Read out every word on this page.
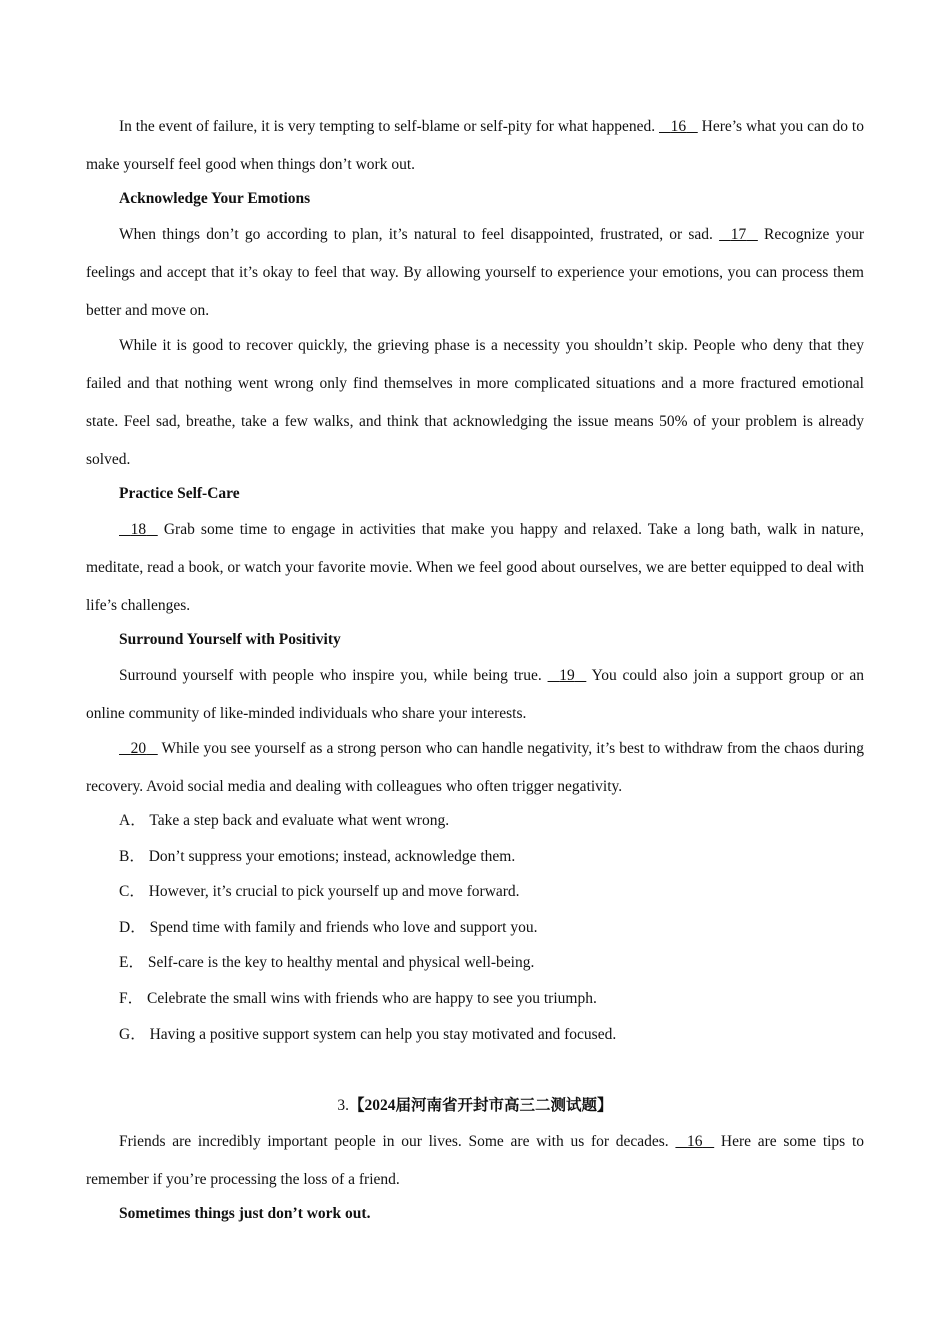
In the event of failure, it is very tempting to self-blame or self-pity for what happened.    16    Here’s what you can do to make yourself feel good when things don’t work out.

Acknowledge Your Emotions

When things don’t go according to plan, it’s natural to feel disappointed, frustrated, or sad.    17    Recognize your feelings and accept that it’s okay to feel that way. By allowing yourself to experience your emotions, you can process them better and move on.

While it is good to recover quickly, the grieving phase is a necessity you shouldn’t skip. People who deny that they failed and that nothing went wrong only find themselves in more complicated situations and a more fractured emotional state. Feel sad, breathe, take a few walks, and think that acknowledging the issue means 50% of your problem is already solved.

Practice Self-Care

18    Grab some time to engage in activities that make you happy and relaxed. Take a long bath, walk in nature, meditate, read a book, or watch your favorite movie. When we feel good about ourselves, we are better equipped to deal with life’s challenges.

Surround Yourself with Positivity

Surround yourself with people who inspire you, while being true.    19    You could also join a support group or an online community of like-minded individuals who share your interests.

20    While you see yourself as a strong person who can handle negativity, it’s best to withdraw from the chaos during recovery. Avoid social media and dealing with colleagues who often trigger negativity.

A． Take a step back and evaluate what went wrong.

B． Don’t suppress your emotions; instead, acknowledge them.

C． However, it’s crucial to pick yourself up and move forward.

D． Spend time with family and friends who love and support you.

E． Self-care is the key to healthy mental and physical well-being.

F． Celebrate the small wins with friends who are happy to see you triumph.

G． Having a positive support system can help you stay motivated and focused.

3.【2024届河南省开封市高三二测试题】

Friends are incredibly important people in our lives. Some are with us for decades.    16    Here are some tips to remember if you’re processing the loss of a friend.

Sometimes things just don’t work out.
